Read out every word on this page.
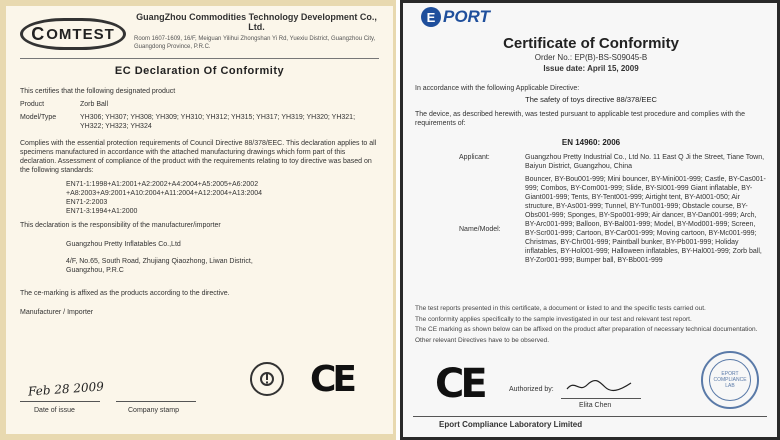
C OMTEST
GuangZhou Commodities Technology Development Co., Ltd.
Room 1607-1609, 16/F, Meiguan Yilihui Zhongshan Yi Rd, Yuexiu District, Guangzhou City, Guangdong Province, P.R.C.
EC Declaration Of Conformity
This certifies that the following designated product
Product	Zorb Ball
Model/Type	YH306; YH307; YH308; YH309; YH310; YH312; YH315; YH317; YH319; YH320; YH321; YH322; YH323; YH324
Complies with the essential protection requirements of Council Directive 88/378/EEC. This declaration applies to all specimens manufactured in accordance with the attached manufacturing drawings which form part of this declaration. Assessment of compliance of the product with the requirements relating to toy directive was based on the following standards:
EN71-1:1998+A1:2001+A2:2002+A4:2004+A5:2005+A6:2002
+A8:2003+A9:2001+A10:2004+A11:2004+A12:2004+A13:2004
EN71-2:2003
EN71-3:1994+A1:2000
This declaration is the responsibility of the manufacturer/importer
Guangzhou Pretty Inflatables Co.,Ltd
4/F, No.65, South Road, Zhujiang Qiaozhong, Liwan District,
Guangzhou, P.R.C
The ce-marking is affixed as the products according to the directive.
Manufacturer / Importer
Feb 28 2009
Date of issue	Company stamp
CE
E PORT
Certificate of Conformity
Order No.: EP(B)-BS-S09045-B
Issue date: April 15, 2009
In accordance with the following Applicable Directive:
The safety of toys directive 88/378/EEC
The device, as described herewith, was tested pursuant to applicable test procedure and complies with the requirements of:
EN 14960: 2006
Applicant:	Guangzhou Pretty Industrial Co., Ltd No. 11 East Q Ji the Street, Tiane Town, Baiyun District, Guangzhou, China
Name/Model:
Bouncer, BY-Bou001-999; Mini bouncer, BY-Mini001-999; Castle, BY-Cas001-999; Combos, BY-Com001-999; Slide, BY-SI001-999 Giant inflatable, BY-Giant001-999; Tents, BY-Tent001-999; Airtight tent, BY-At001-050; Air structure, BY-As001-999; Tunnel, BY-Tun001-999; Obstacle course, BY-Obs001-999; Sponges, BY-Spo001-999; Air dancer, BY-Dan001-999; Arch, BY-Arc001-999; Balloon, BY-Bal001-999; Model, BY-Mod001-999; Screen, BY-Scr001-999; Cartoon, BY-Car001-999; Moving cartoon, BY-Mc001-999; Christmas, BY-Chr001-999; Paintball bunker, BY-Pb001-999; Holiday inflatables, BY-Hol001-999; Halloween inflatables, BY-Hal001-999; Zorb ball, BY-Zor001-999; Bumper ball, BY-Bb001-999
The test reports presented in this certificate, a document or listed to and the specific tests carried out.
The conformity applies specifically to the sample investigated in our test and relevant test report.
The CE marking as shown below can be affixed on the product after preparation of necessary technical documentation.
Other relevant Directives have to be observed.
CE	Authorized by:
Elita Chen
Eport Compliance Laboratory Limited
EPORT COMPLIANCE LAB
